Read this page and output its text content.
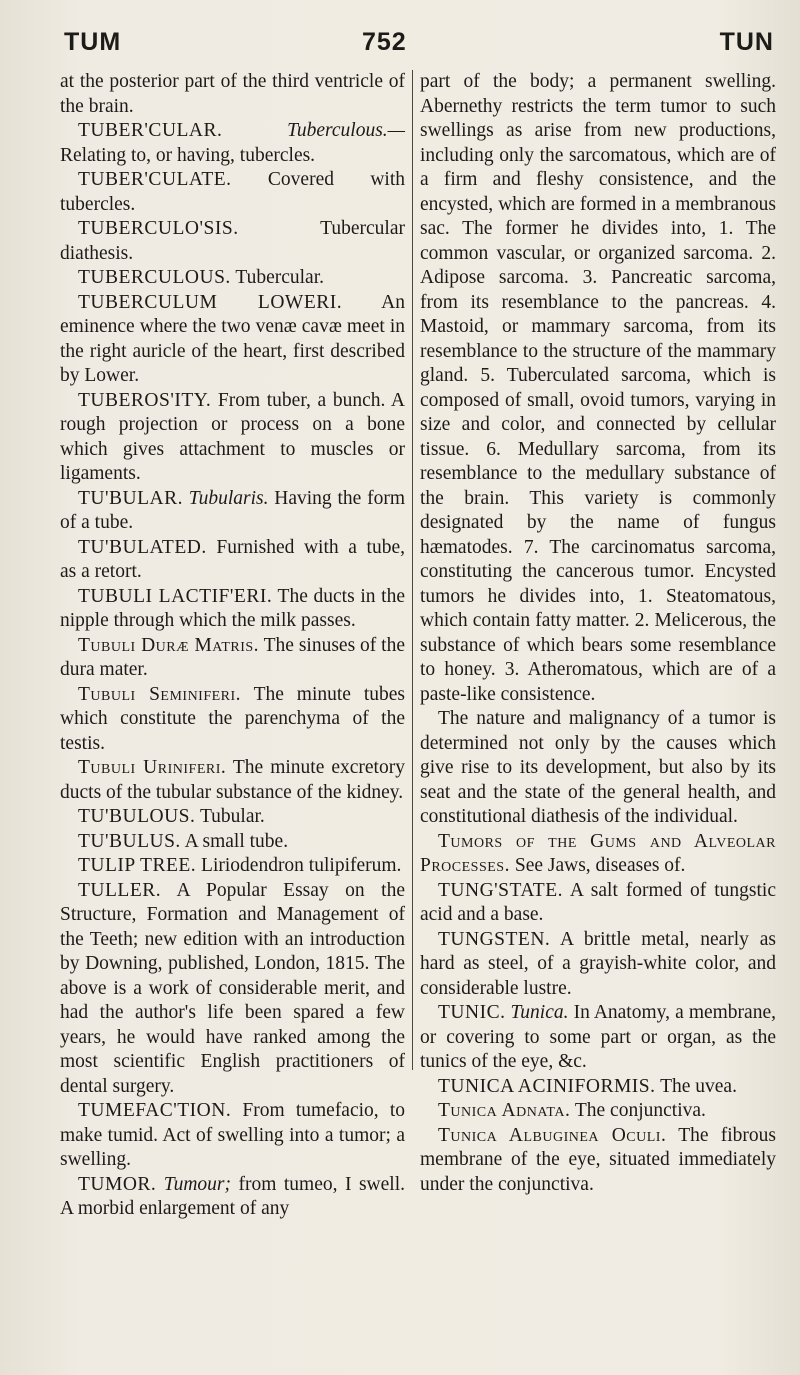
TUM	752	TUN

at the posterior part of the third ventricle of the brain.

TUBER'CULAR.	Tuberculous.— Relating to, or having, tubercles.

TUBER'CULATE. Covered with tubercles.

TUBERCULO'SIS.	Tubercular diathesis.

TUBERCULOUS. Tubercular.

TUBERCULUM LOWERI. An eminence where the two venæ cavæ meet in the right auricle of the heart, first described by Lower.

TUBEROS'ITY. From tuber, a bunch. A rough projection or process on a bone which gives attachment to muscles or ligaments.

TU'BULAR. Tubularis. Having the form of a tube.

TU'BULATED. Furnished with a tube, as a retort.

TUBULI LACTIF'ERI. The ducts in the nipple through which the milk passes.

Tubuli Duræ Matris. The sinuses of the dura mater.

Tubuli Seminiferi. The minute tubes which constitute the parenchyma of the testis.

Tubuli Uriniferi. The minute excretory ducts of the tubular substance of the kidney.

TU'BULOUS. Tubular.

TU'BULUS. A small tube.

TULIP TREE. Liriodendron tulipiferum.

TULLER. A Popular Essay on the Structure, Formation and Management of the Teeth; new edition with an introduction by Downing, published, London, 1815. The above is a work of considerable merit, and had the author's life been spared a few years, he would have ranked among the most scientific English practitioners of dental surgery.

TUMEFAC'TION. From tumefacio, to make tumid. Act of swelling into a tumor; a swelling.

TUMOR. Tumour; from tumeo, I swell. A morbid enlargement of any

part of the body; a permanent swelling. Abernethy restricts the term tumor to such swellings as arise from new productions, including only the sarcomatous, which are of a firm and fleshy consistence, and the encysted, which are formed in a membranous sac. The former he divides into, 1. The common vascular, or organized sarcoma. 2. Adipose sarcoma. 3. Pancreatic sarcoma, from its resemblance to the pancreas. 4. Mastoid, or mammary sarcoma, from its resemblance to the structure of the mammary gland. 5. Tuberculated sarcoma, which is composed of small, ovoid tumors, varying in size and color, and connected by cellular tissue. 6. Medullary sarcoma, from its resemblance to the medullary substance of the brain. This variety is commonly designated by the name of fungus hæmatodes. 7. The carcinomatus sarcoma, constituting the cancerous tumor. Encysted tumors he divides into, 1. Steatomatous, which contain fatty matter. 2. Melicerous, the substance of which bears some resemblance to honey. 3. Atheromatous, which are of a paste-like consistence.

The nature and malignancy of a tumor is determined not only by the causes which give rise to its development, but also by its seat and the state of the general health, and constitutional diathesis of the individual.

Tumors of the Gums and Alveolar Processes. See Jaws, diseases of.

TUNG'STATE. A salt formed of tungstic acid and a base.

TUNGSTEN. A brittle metal, nearly as hard as steel, of a grayish-white color, and considerable lustre.

TUNIC. Tunica. In Anatomy, a membrane, or covering to some part or organ, as the tunics of the eye, &c.

TUNICA ACINIFORMIS. The uvea.

Tunica Adnata. The conjunctiva.

Tunica Albuginea Oculi. The fibrous membrane of the eye, situated immediately under the conjunctiva.
